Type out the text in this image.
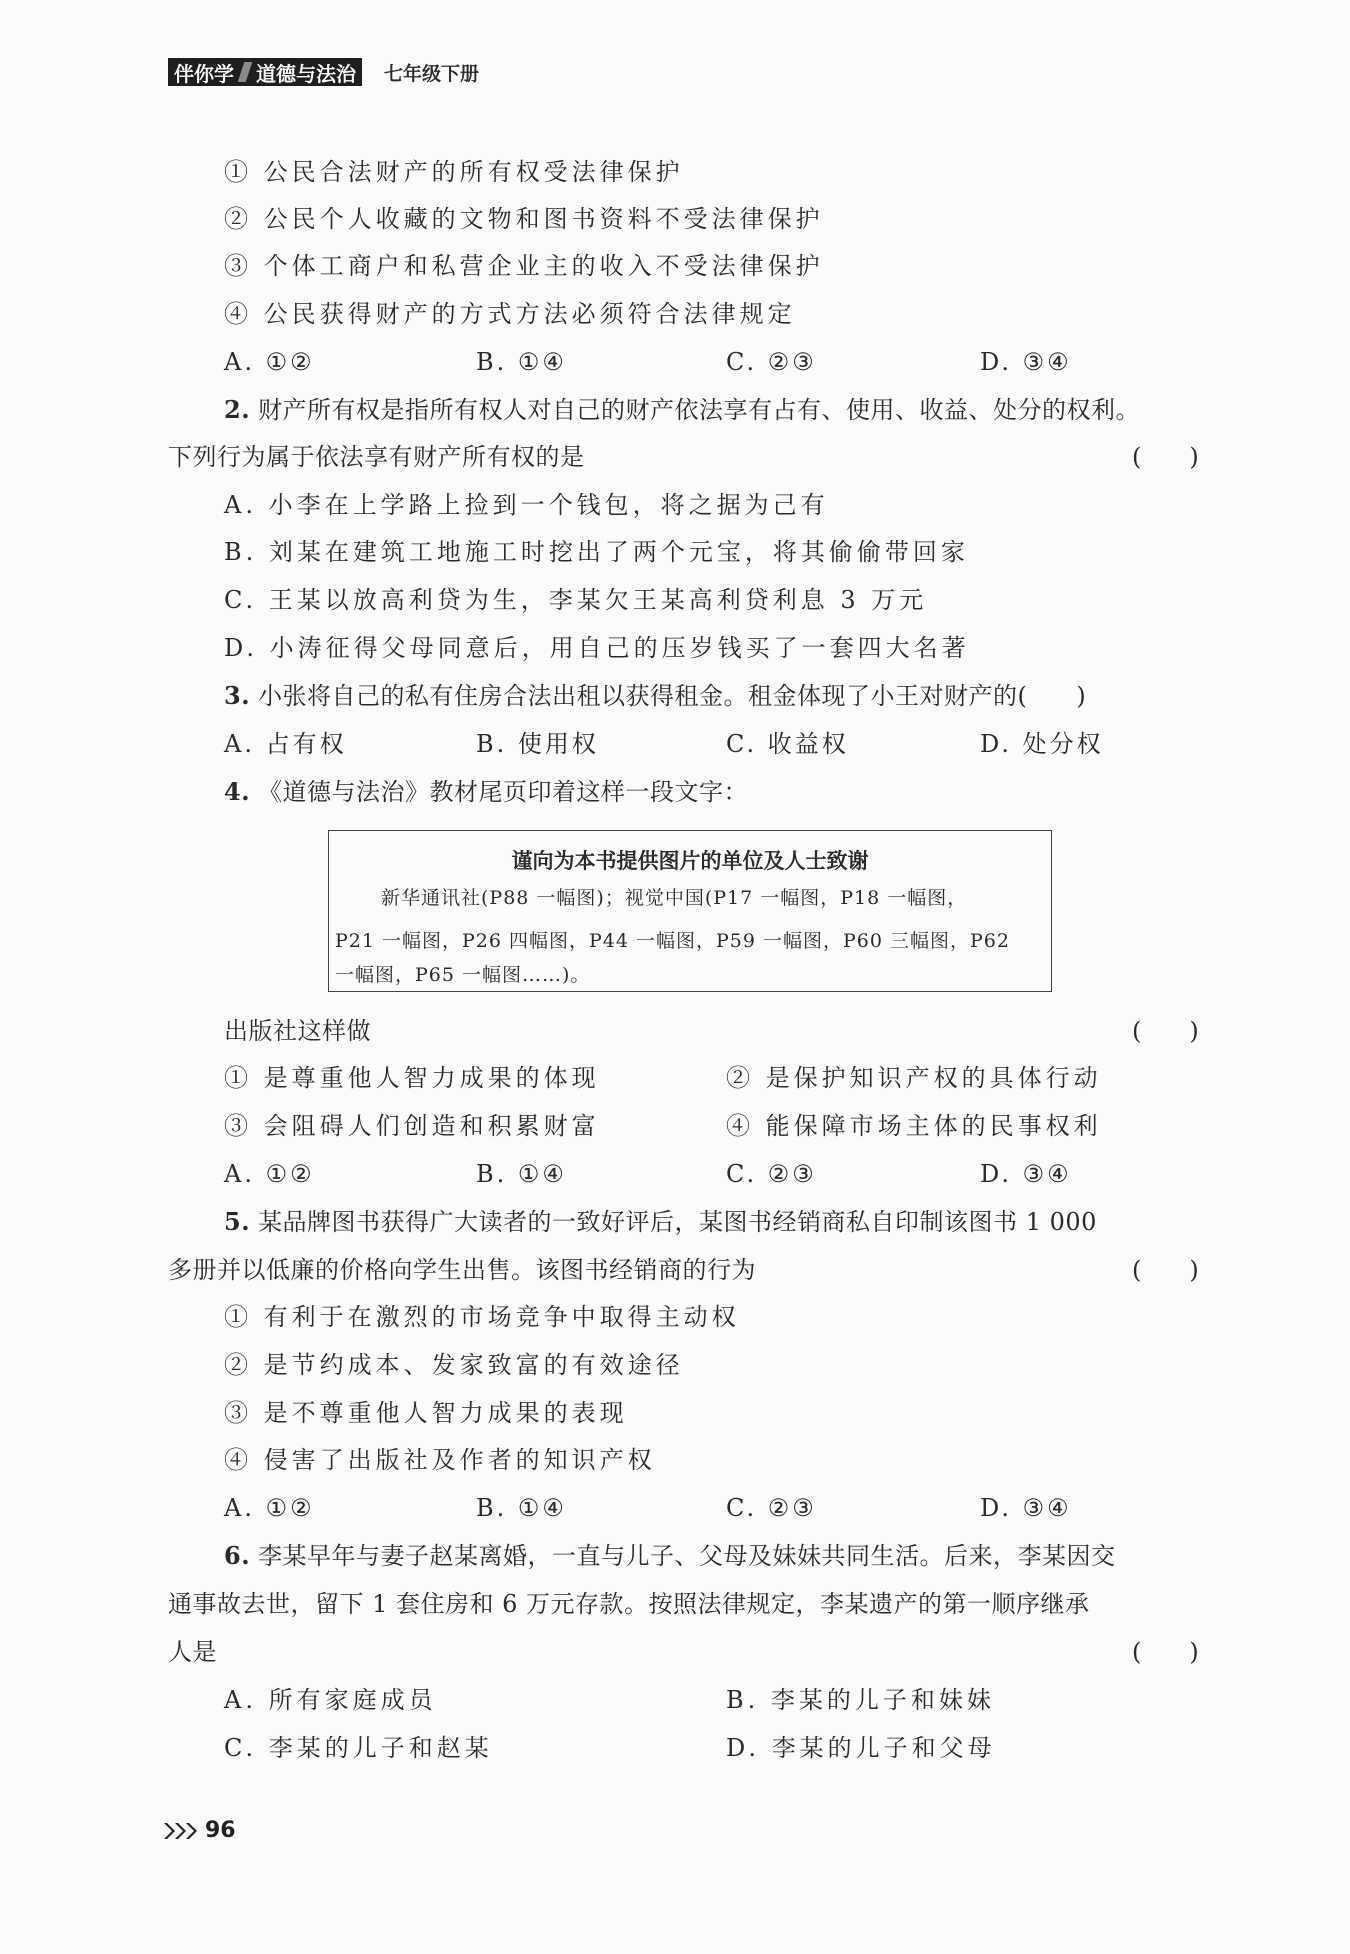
伴你学 道德与法治 七年级下册
① 公民合法财产的所有权受法律保护
② 公民个人收藏的文物和图书资料不受法律保护
③ 个体工商户和私营企业主的收入不受法律保护
④ 公民获得财产的方式方法必须符合法律规定
A. ①②	B. ①④	C. ②③	D. ③④
2. 财产所有权是指所有权人对自己的财产依法享有占有、使用、收益、处分的权利。
下列行为属于依法享有财产所有权的是	(　　)
A. 小李在上学路上捡到一个钱包，将之据为己有
B. 刘某在建筑工地施工时挖出了两个元宝，将其偷偷带回家
C. 王某以放高利贷为生，李某欠王某高利贷利息 3 万元
D. 小涛征得父母同意后，用自己的压岁钱买了一套四大名著
3. 小张将自己的私有住房合法出租以获得租金。租金体现了小王对财产的(　　)
A. 占有权	B. 使用权	C. 收益权	D. 处分权
4. 《道德与法治》教材尾页印着这样一段文字：
谨向为本书提供图片的单位及人士致谢
新华通讯社(P88 一幅图)；视觉中国(P17 一幅图，P18 一幅图，
P21 一幅图，P26 四幅图，P44 一幅图，P59 一幅图，P60 三幅图，P62
一幅图，P65 一幅图……)。
出版社这样做	(　　)
① 是尊重他人智力成果的体现	② 是保护知识产权的具体行动
③ 会阻碍人们创造和积累财富	④ 能保障市场主体的民事权利
A. ①②	B. ①④	C. ②③	D. ③④
5. 某品牌图书获得广大读者的一致好评后，某图书经销商私自印制该图书 1 000
多册并以低廉的价格向学生出售。该图书经销商的行为	(　　)
① 有利于在激烈的市场竞争中取得主动权
② 是节约成本、发家致富的有效途径
③ 是不尊重他人智力成果的表现
④ 侵害了出版社及作者的知识产权
A. ①②	B. ①④	C. ②③	D. ③④
6. 李某早年与妻子赵某离婚，一直与儿子、父母及妹妹共同生活。后来，李某因交
通事故去世，留下 1 套住房和 6 万元存款。按照法律规定，李某遗产的第一顺序继承
人是	(　　)
A. 所有家庭成员	B. 李某的儿子和妹妹
C. 李某的儿子和赵某	D. 李某的儿子和父母
96
